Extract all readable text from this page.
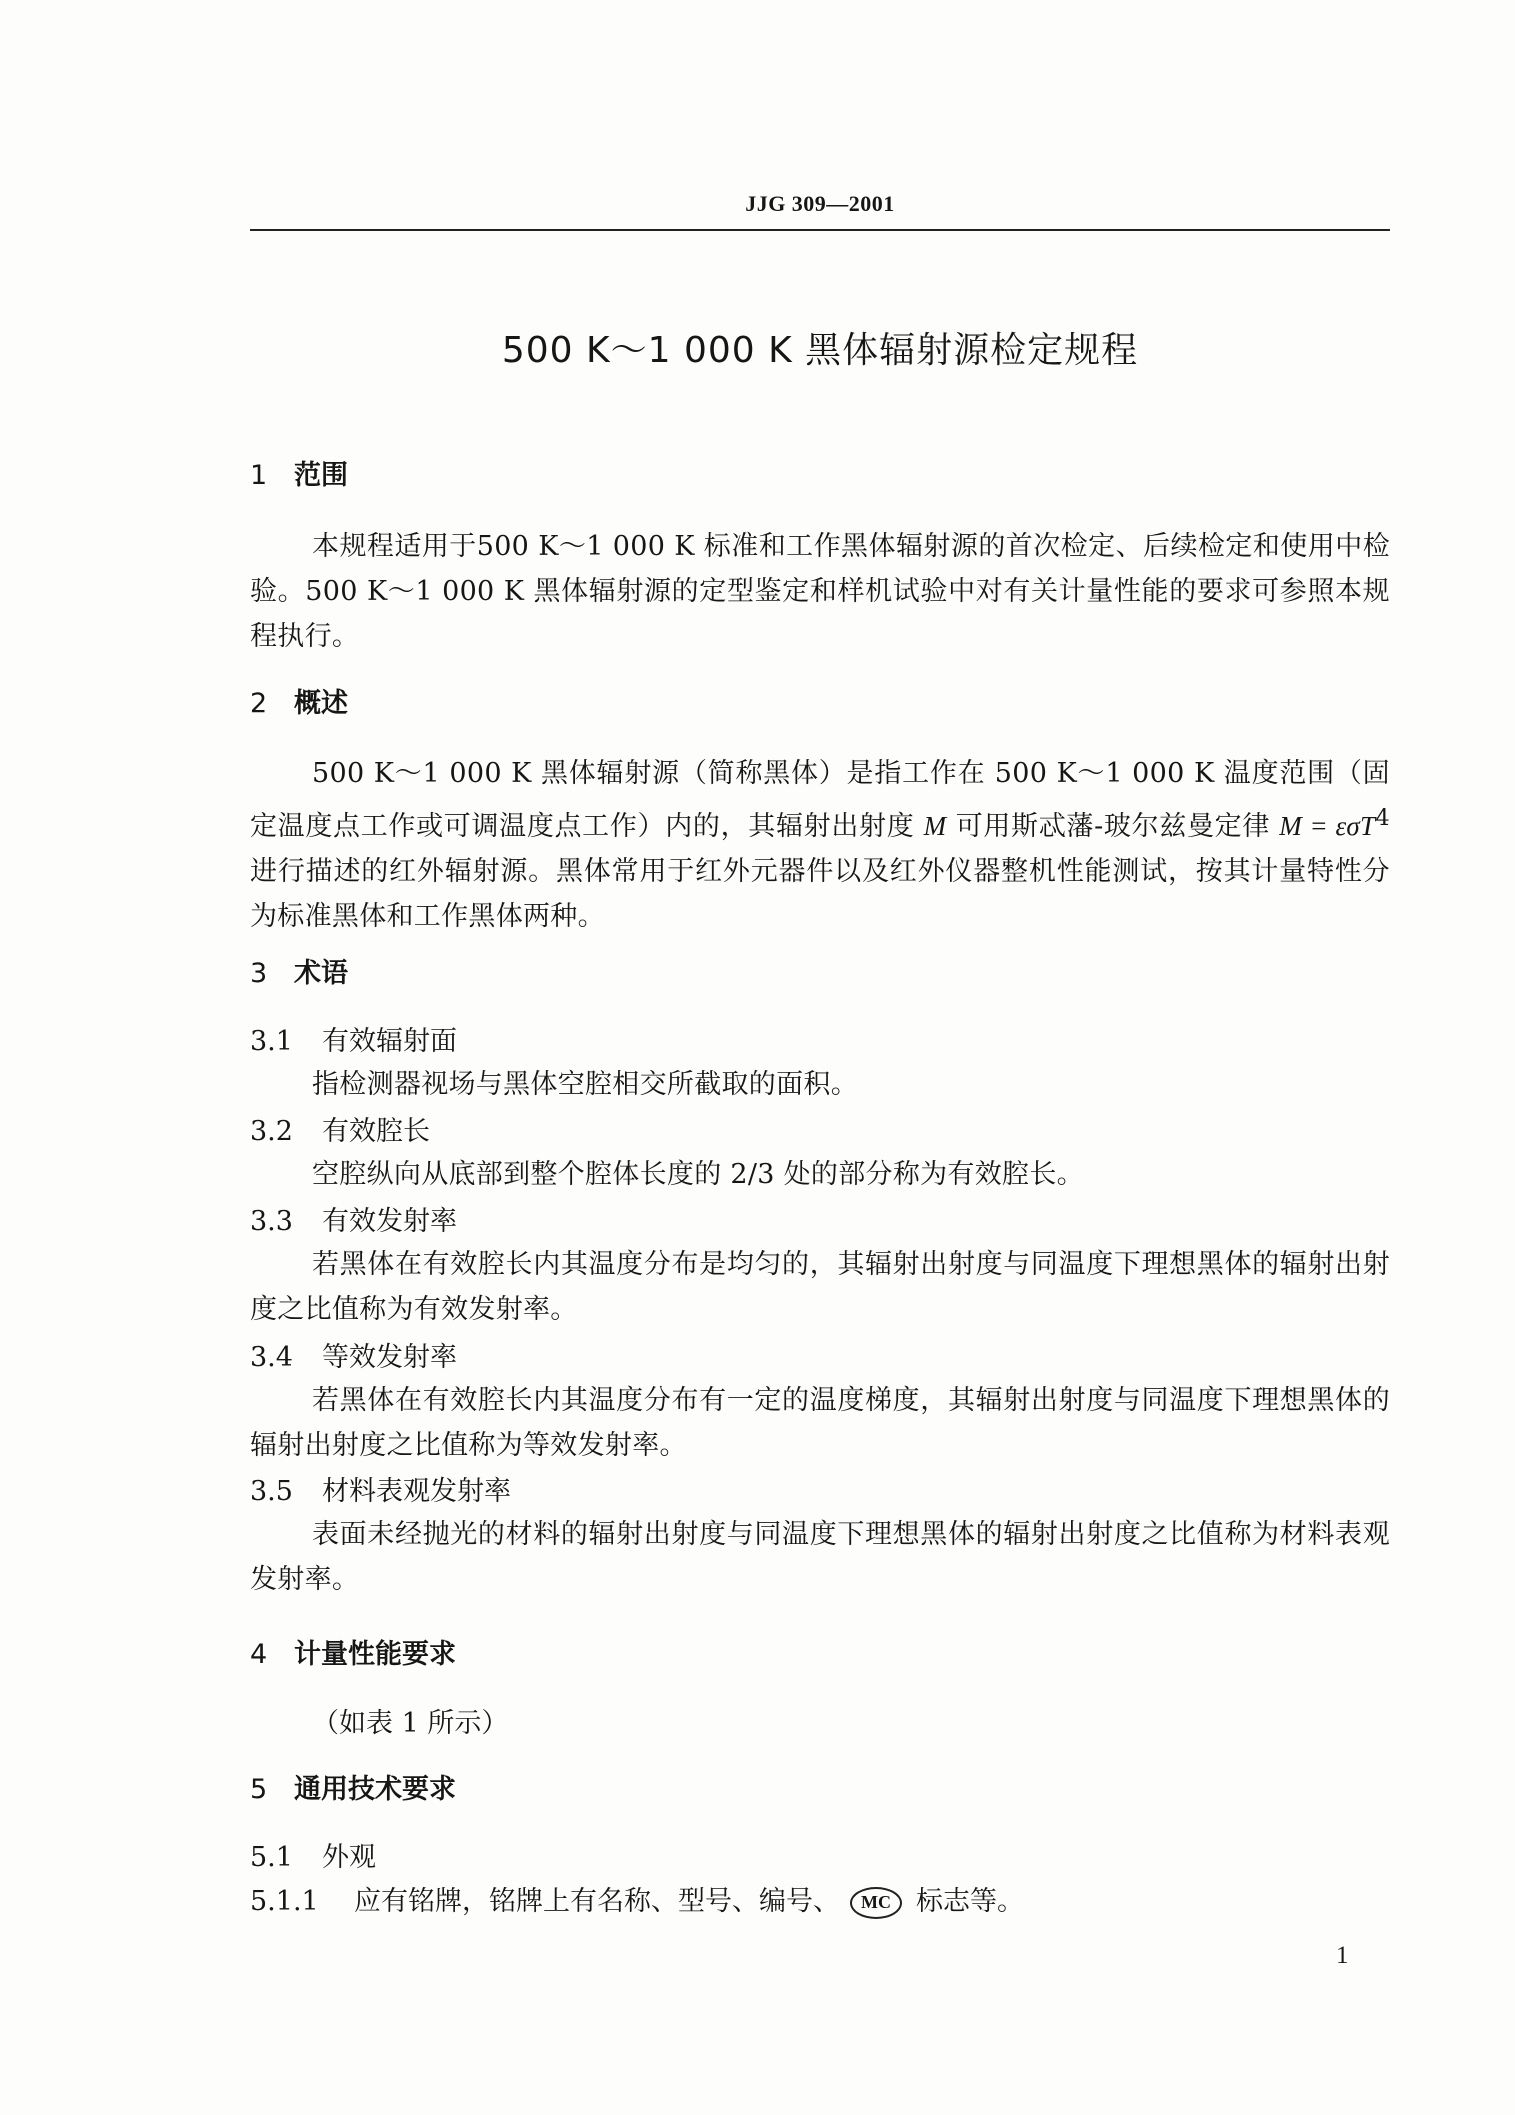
JJG 309—2001
500 K～1 000 K 黑体辐射源检定规程
1 范围

本规程适用于500 K～1 000 K 标准和工作黑体辐射源的首次检定、后续检定和使用中检验。500 K～1 000 K 黑体辐射源的定型鉴定和样机试验中对有关计量性能的要求可参照本规程执行。

2 概述

500 K～1 000 K 黑体辐射源（简称黑体）是指工作在 500 K～1 000 K 温度范围（固定温度点工作或可调温度点工作）内的，其辐射出射度 M 可用斯忒藩-玻尔兹曼定律 M = εσT$^4$ 进行描述的红外辐射源。黑体常用于红外元器件以及红外仪器整机性能测试，按其计量特性分为标准黑体和工作黑体两种。

3 术语
3.1 有效辐射面

指检测器视场与黑体空腔相交所截取的面积。

3.2 有效腔长

空腔纵向从底部到整个腔体长度的 2/3 处的部分称为有效腔长。

3.3 有效发射率

若黑体在有效腔长内其温度分布是均匀的，其辐射出射度与同温度下理想黑体的辐射出射度之比值称为有效发射率。

3.4 等效发射率

若黑体在有效腔长内其温度分布有一定的温度梯度，其辐射出射度与同温度下理想黑体的辐射出射度之比值称为等效发射率。

3.5 材料表观发射率

表面未经抛光的材料的辐射出射度与同温度下理想黑体的辐射出射度之比值称为材料表观发射率。

4 计量性能要求
（如表 1 所示）
5 通用技术要求
5.1 外观
5.1.1 应有铭牌，铭牌上有名称、型号、编号、 MC 标志等。
1
